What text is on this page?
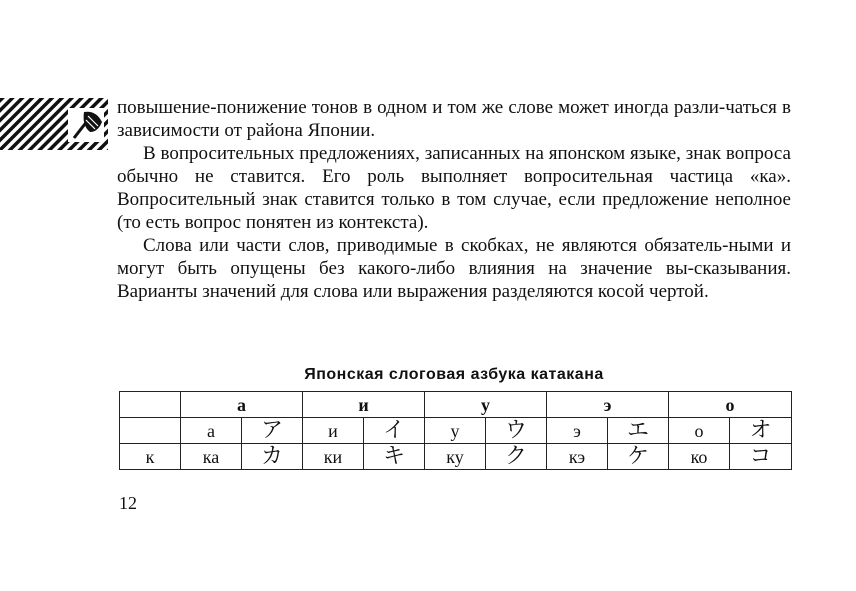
повышение-понижение тонов в одном и том же слове может иногда разли-чаться в зависимости от района Японии.

В вопросительных предложениях, записанных на японском языке, знак вопроса обычно не ставится. Его роль выполняет вопросительная частица «ка». Вопросительный знак ставится только в том случае, если предложение неполное (то есть вопрос понятен из контекста).

Слова или части слов, приводимые в скобках, не являются обязатель-ными и могут быть опущены без какого-либо влияния на значение вы-сказывания. Варианты значений для слова или выражения разделяются косой чертой.

Японская слоговая азбука катакана
	а		и		у		э		о	
	а	ア	и	イ	у	ウ	э	エ	о	オ
к	ка	カ	ки	キ	ку	ク	кэ	ケ	ко	コ
12
